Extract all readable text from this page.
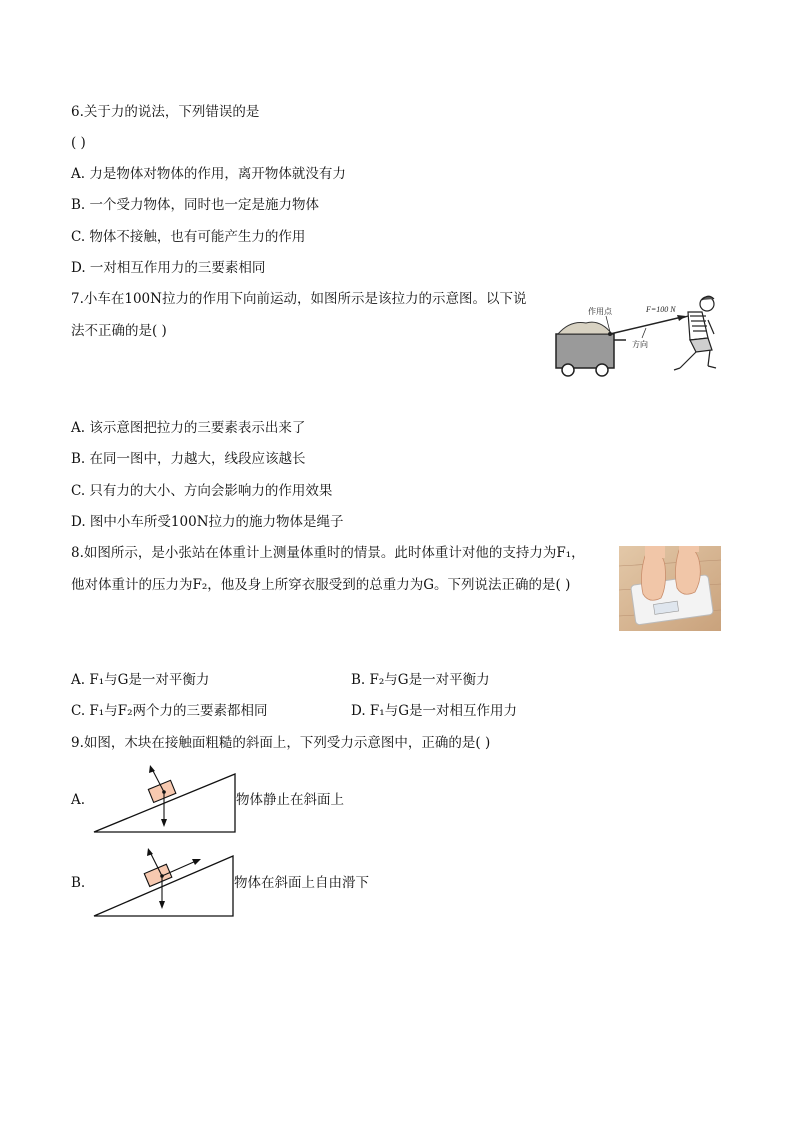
6.关于力的说法，下列错误的是
( )
A. 力是物体对物体的作用，离开物体就没有力
B. 一个受力物体，同时也一定是施力物体
C. 物体不接触，也有可能产生力的作用
D. 一对相互作用力的三要素相同
7.小车在100N拉力的作用下向前运动，如图所示是该拉力的示意图。以下说
法不正确的是( )
作用点	F=100 N
方向
A. 该示意图把拉力的三要素表示出来了
B. 在同一图中，力越大，线段应该越长
C. 只有力的大小、方向会影响力的作用效果
D. 图中小车所受100N拉力的施力物体是绳子
8.如图所示，是小张站在体重计上测量体重时的情景。此时体重计对他的支持力为F₁，
他对体重计的压力为F₂，他及身上所穿衣服受到的总重力为G。下列说法正确的是( )
A. F₁与G是一对平衡力	B. F₂与G是一对平衡力
C. F₁与F₂两个力的三要素都相同	D. F₁与G是一对相互作用力
9.如图，木块在接触面粗糙的斜面上，下列受力示意图中，正确的是( )
A.	物体静止在斜面上
B.	物体在斜面上自由滑下
